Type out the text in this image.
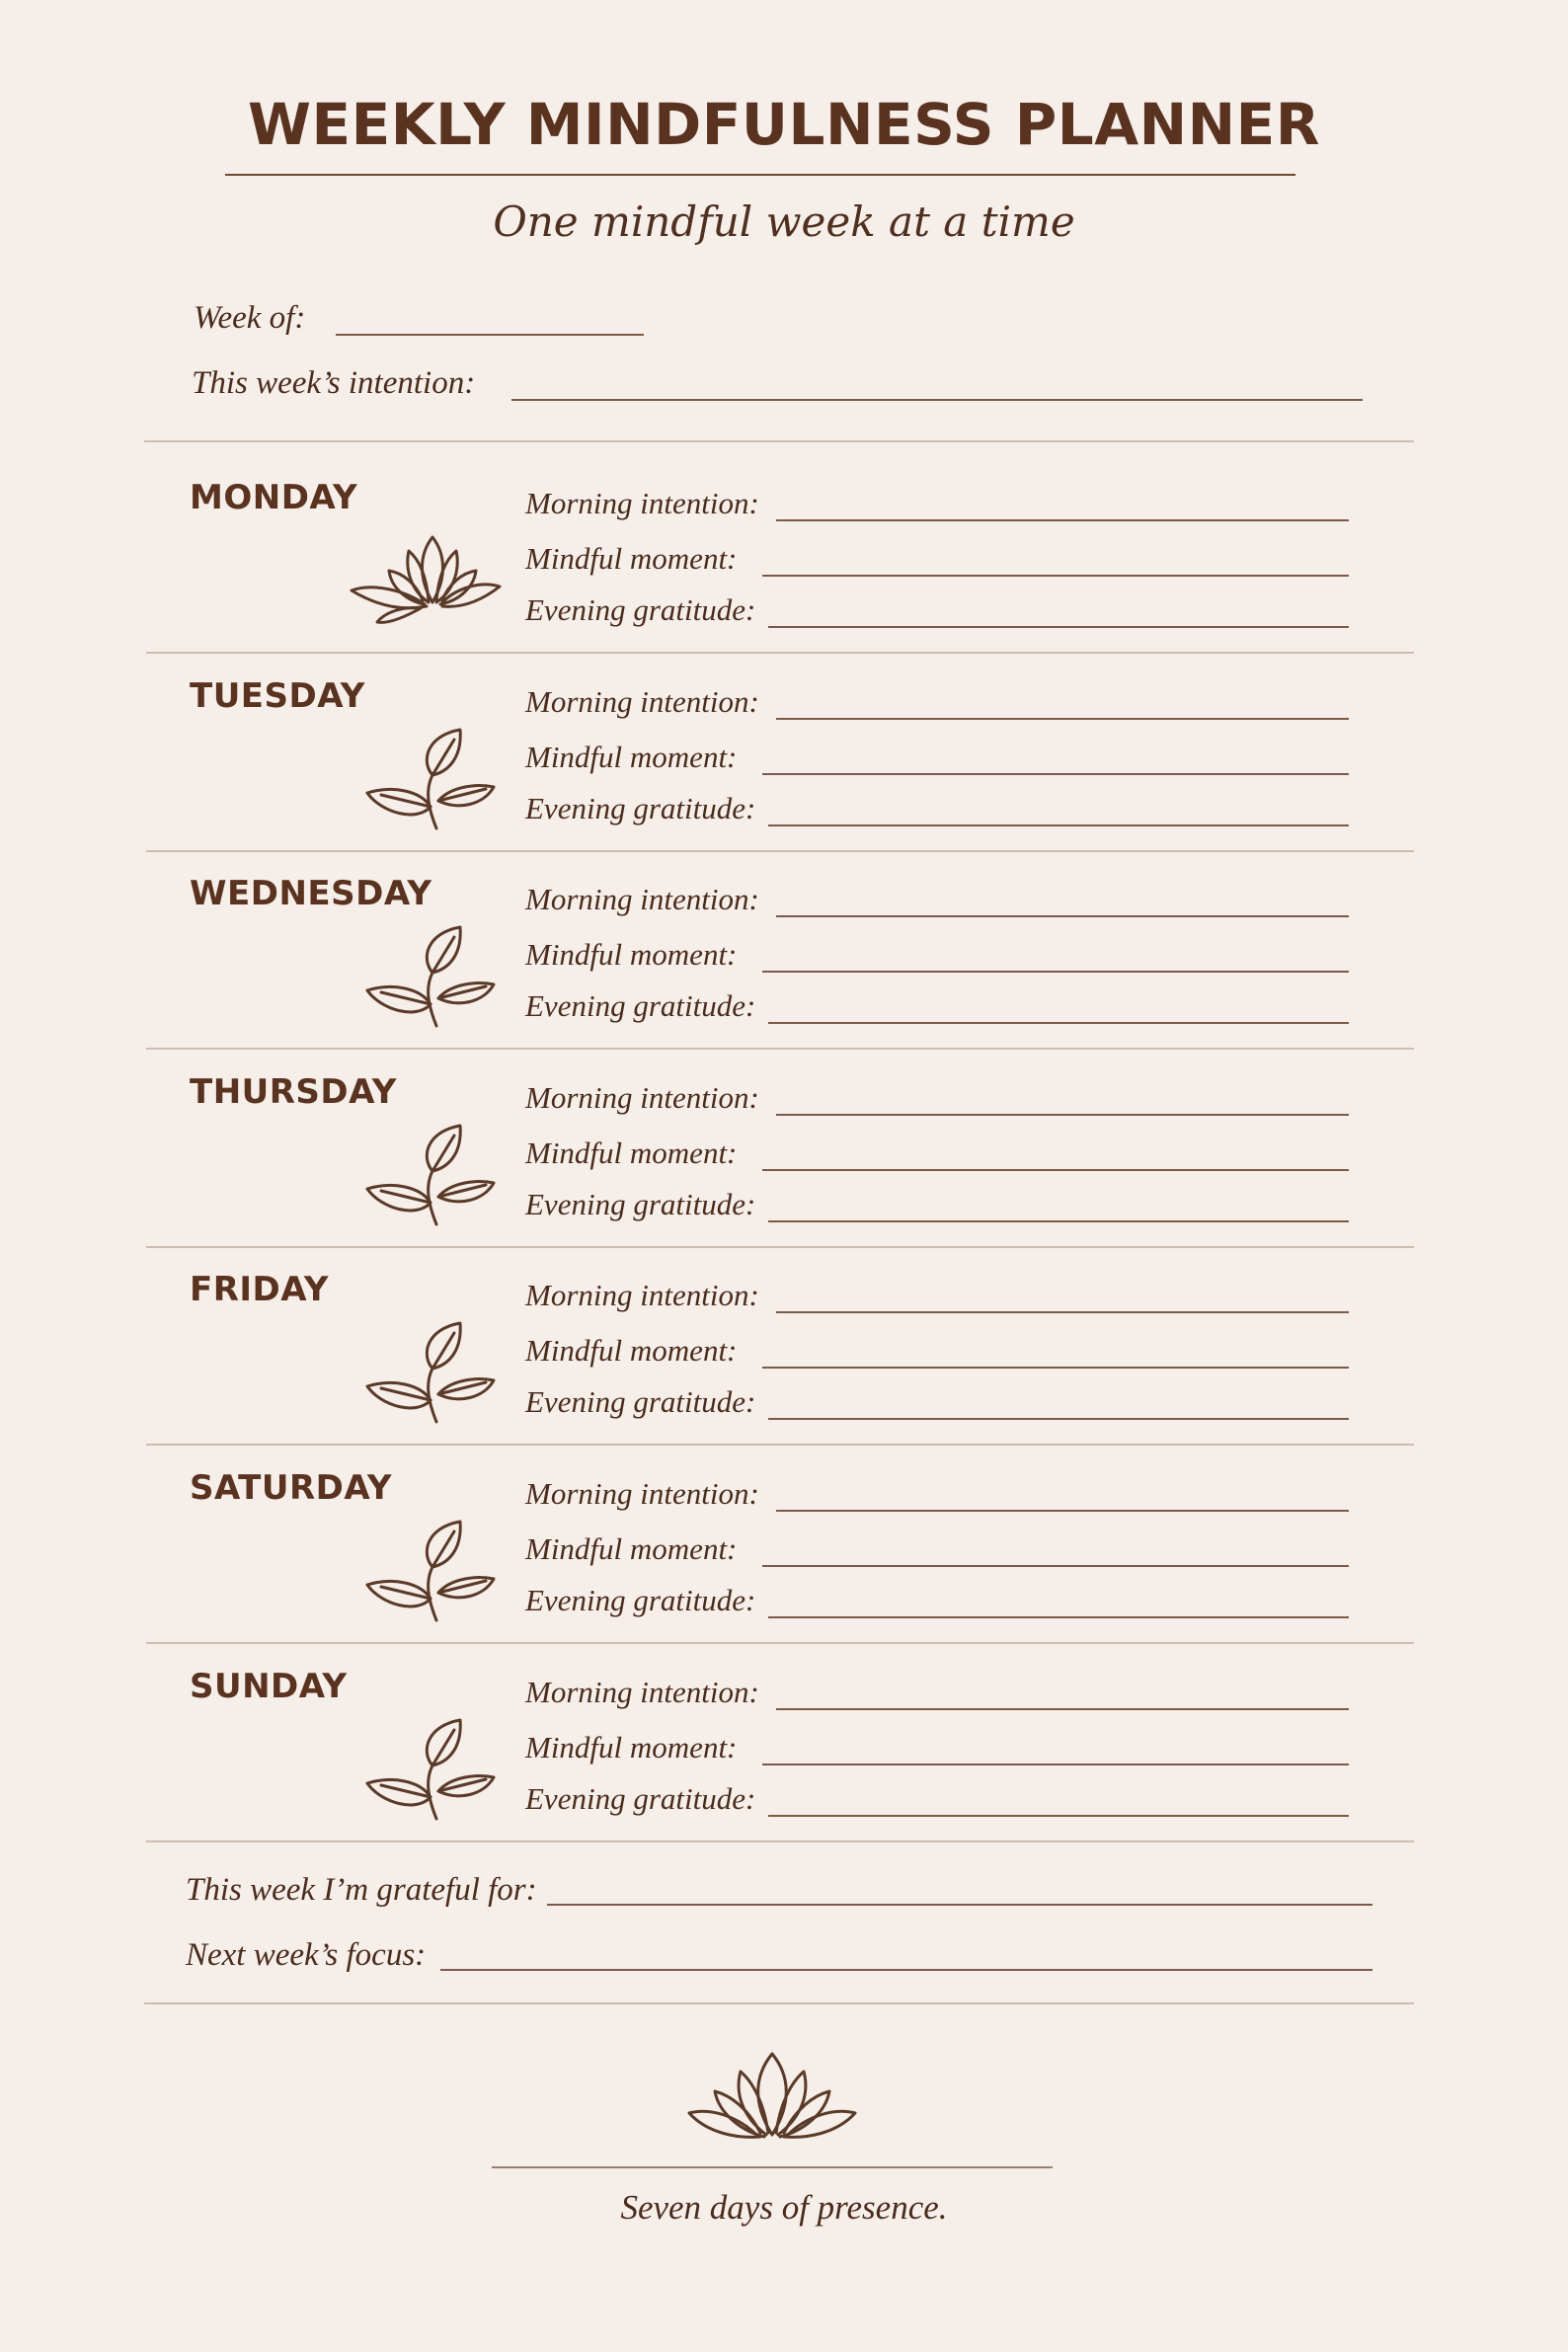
WEEKLY MINDFULNESS PLANNER
One mindful week at a time
Week of:
This week’s intention:
MONDAY	Morning intention:
Mindful moment:
Evening gratitude:
TUESDAY	Morning intention:
Mindful moment:
Evening gratitude:
WEDNESDAY	Morning intention:
Mindful moment:
Evening gratitude:
THURSDAY	Morning intention:
Mindful moment:
Evening gratitude:
FRIDAY	Morning intention:
Mindful moment:
Evening gratitude:
SATURDAY	Morning intention:
Mindful moment:
Evening gratitude:
SUNDAY	Morning intention:
Mindful moment:
Evening gratitude:
This week I’m grateful for:
Next week’s focus:
Seven days of presence.
